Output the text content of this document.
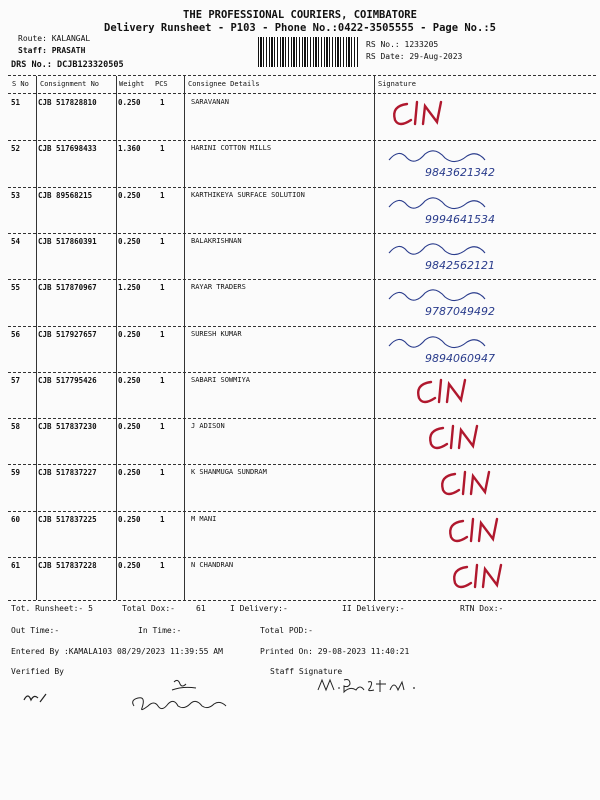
THE PROFESSIONAL COURIERS, COIMBATORE
Delivery Runsheet - P103 - Phone No.:0422-3505555 - Page No.:5
Route: KALANGAL
Staff: PRASATH
DRS No.: DCJB123320505
RS No.: 1233205
RS Date: 29-Aug-2023
S No Consignment No	Weight PCS	Consignee Details	Signature
51 CJB 517828810	0.250	1	SARAVANAN
52 CJB 517698433	1.360	1	HARINI COTTON MILLS
9843621342
53 CJB 89568215	0.250	1	KARTHIKEYA SURFACE SOLUTION
9994641534
54 CJB 517860391	0.250	1	BALAKRISHNAN
9842562121
55 CJB 517870967	1.250	1	RAYAR TRADERS
9787049492
56 CJB 517927657	0.250	1	SURESH KUMAR
9894060947
57 CJB 517795426	0.250	1	SABARI SOWMIYA
58 CJB 517837230	0.250	1	J ADISON
59 CJB 517837227	0.250	1	K SHANMUGA SUNDRAM
60 CJB 517837225	0.250	1	M MANI
61 CJB 517837228	0.250	1	N CHANDRAN
Tot. Runsheet:- 5	Total Dox:-	61	I Delivery:-	II Delivery:-	RTN Dox:-
Out Time:-	In Time:-	Total POD:-
Entered By :KAMALA103 08/29/2023 11:39:55 AM	Printed On: 29-08-2023 11:40:21
Verified By	Staff Signature
